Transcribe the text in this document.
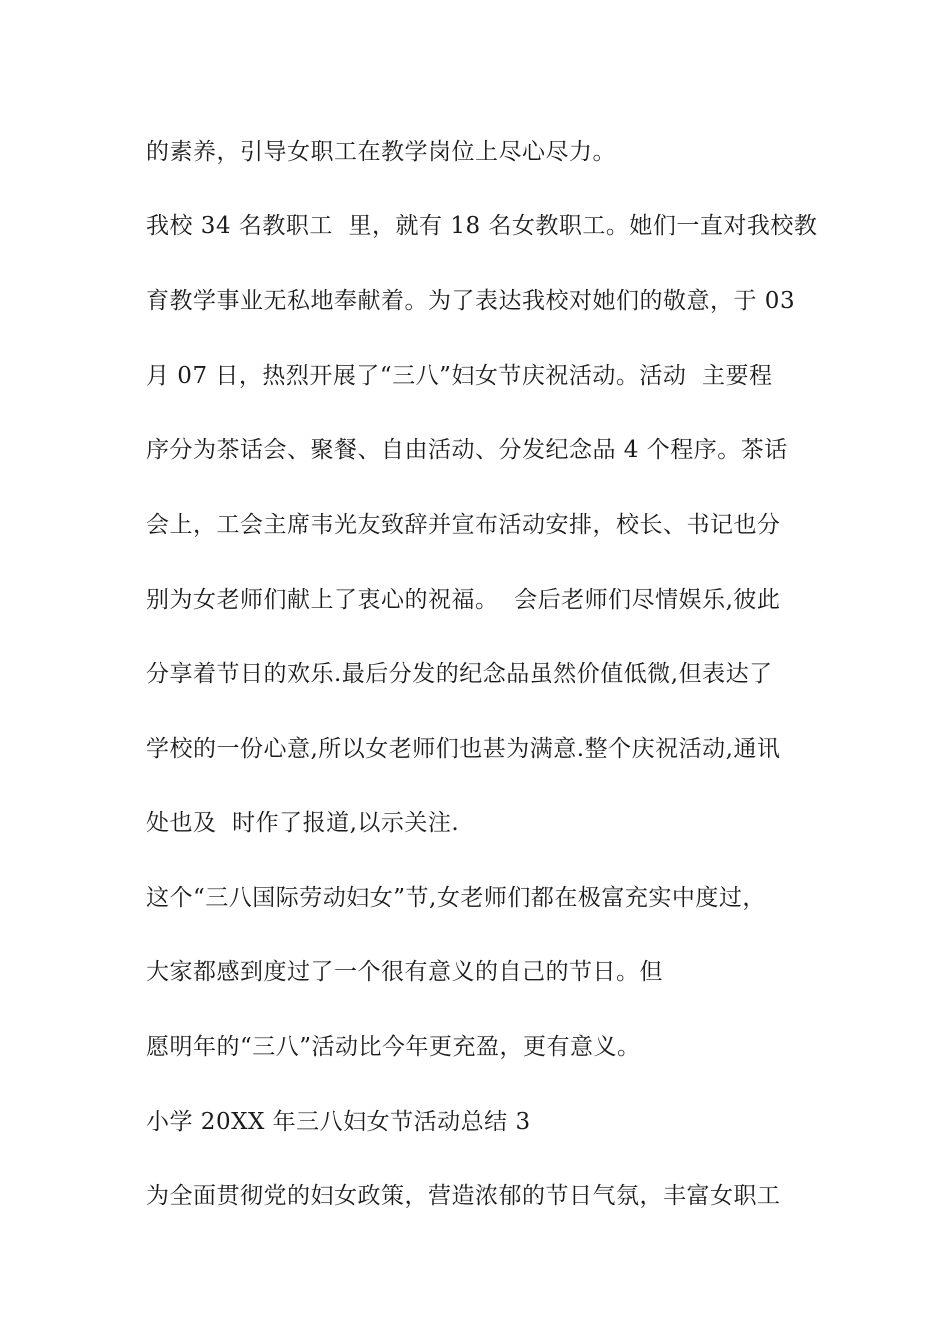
的素养，引导女职工在教学岗位上尽心尽力。
我校 34 名教职工  里，就有 18 名女教职工。她们一直对我校教
育教学事业无私地奉献着。为了表达我校对她们的敬意，于 03
月 07 日，热烈开展了“三八”妇女节庆祝活动。活动  主要程
序分为茶话会、聚餐、自由活动、分发纪念品 4 个程序。茶话
会上，工会主席韦光友致辞并宣布活动安排，校长、书记也分
别为女老师们献上了衷心的祝福。  会后老师们尽情娱乐,彼此
分享着节日的欢乐.最后分发的纪念品虽然价值低微,但表达了
学校的一份心意,所以女老师们也甚为满意.整个庆祝活动,通讯
处也及  时作了报道,以示关注.
这个“三八国际劳动妇女”节,女老师们都在极富充实中度过，
大家都感到度过了一个很有意义的自己的节日。但
愿明年的“三八”活动比今年更充盈，更有意义。
小学 20XX 年三八妇女节活动总结 3
为全面贯彻党的妇女政策，营造浓郁的节日气氛，丰富女职工
